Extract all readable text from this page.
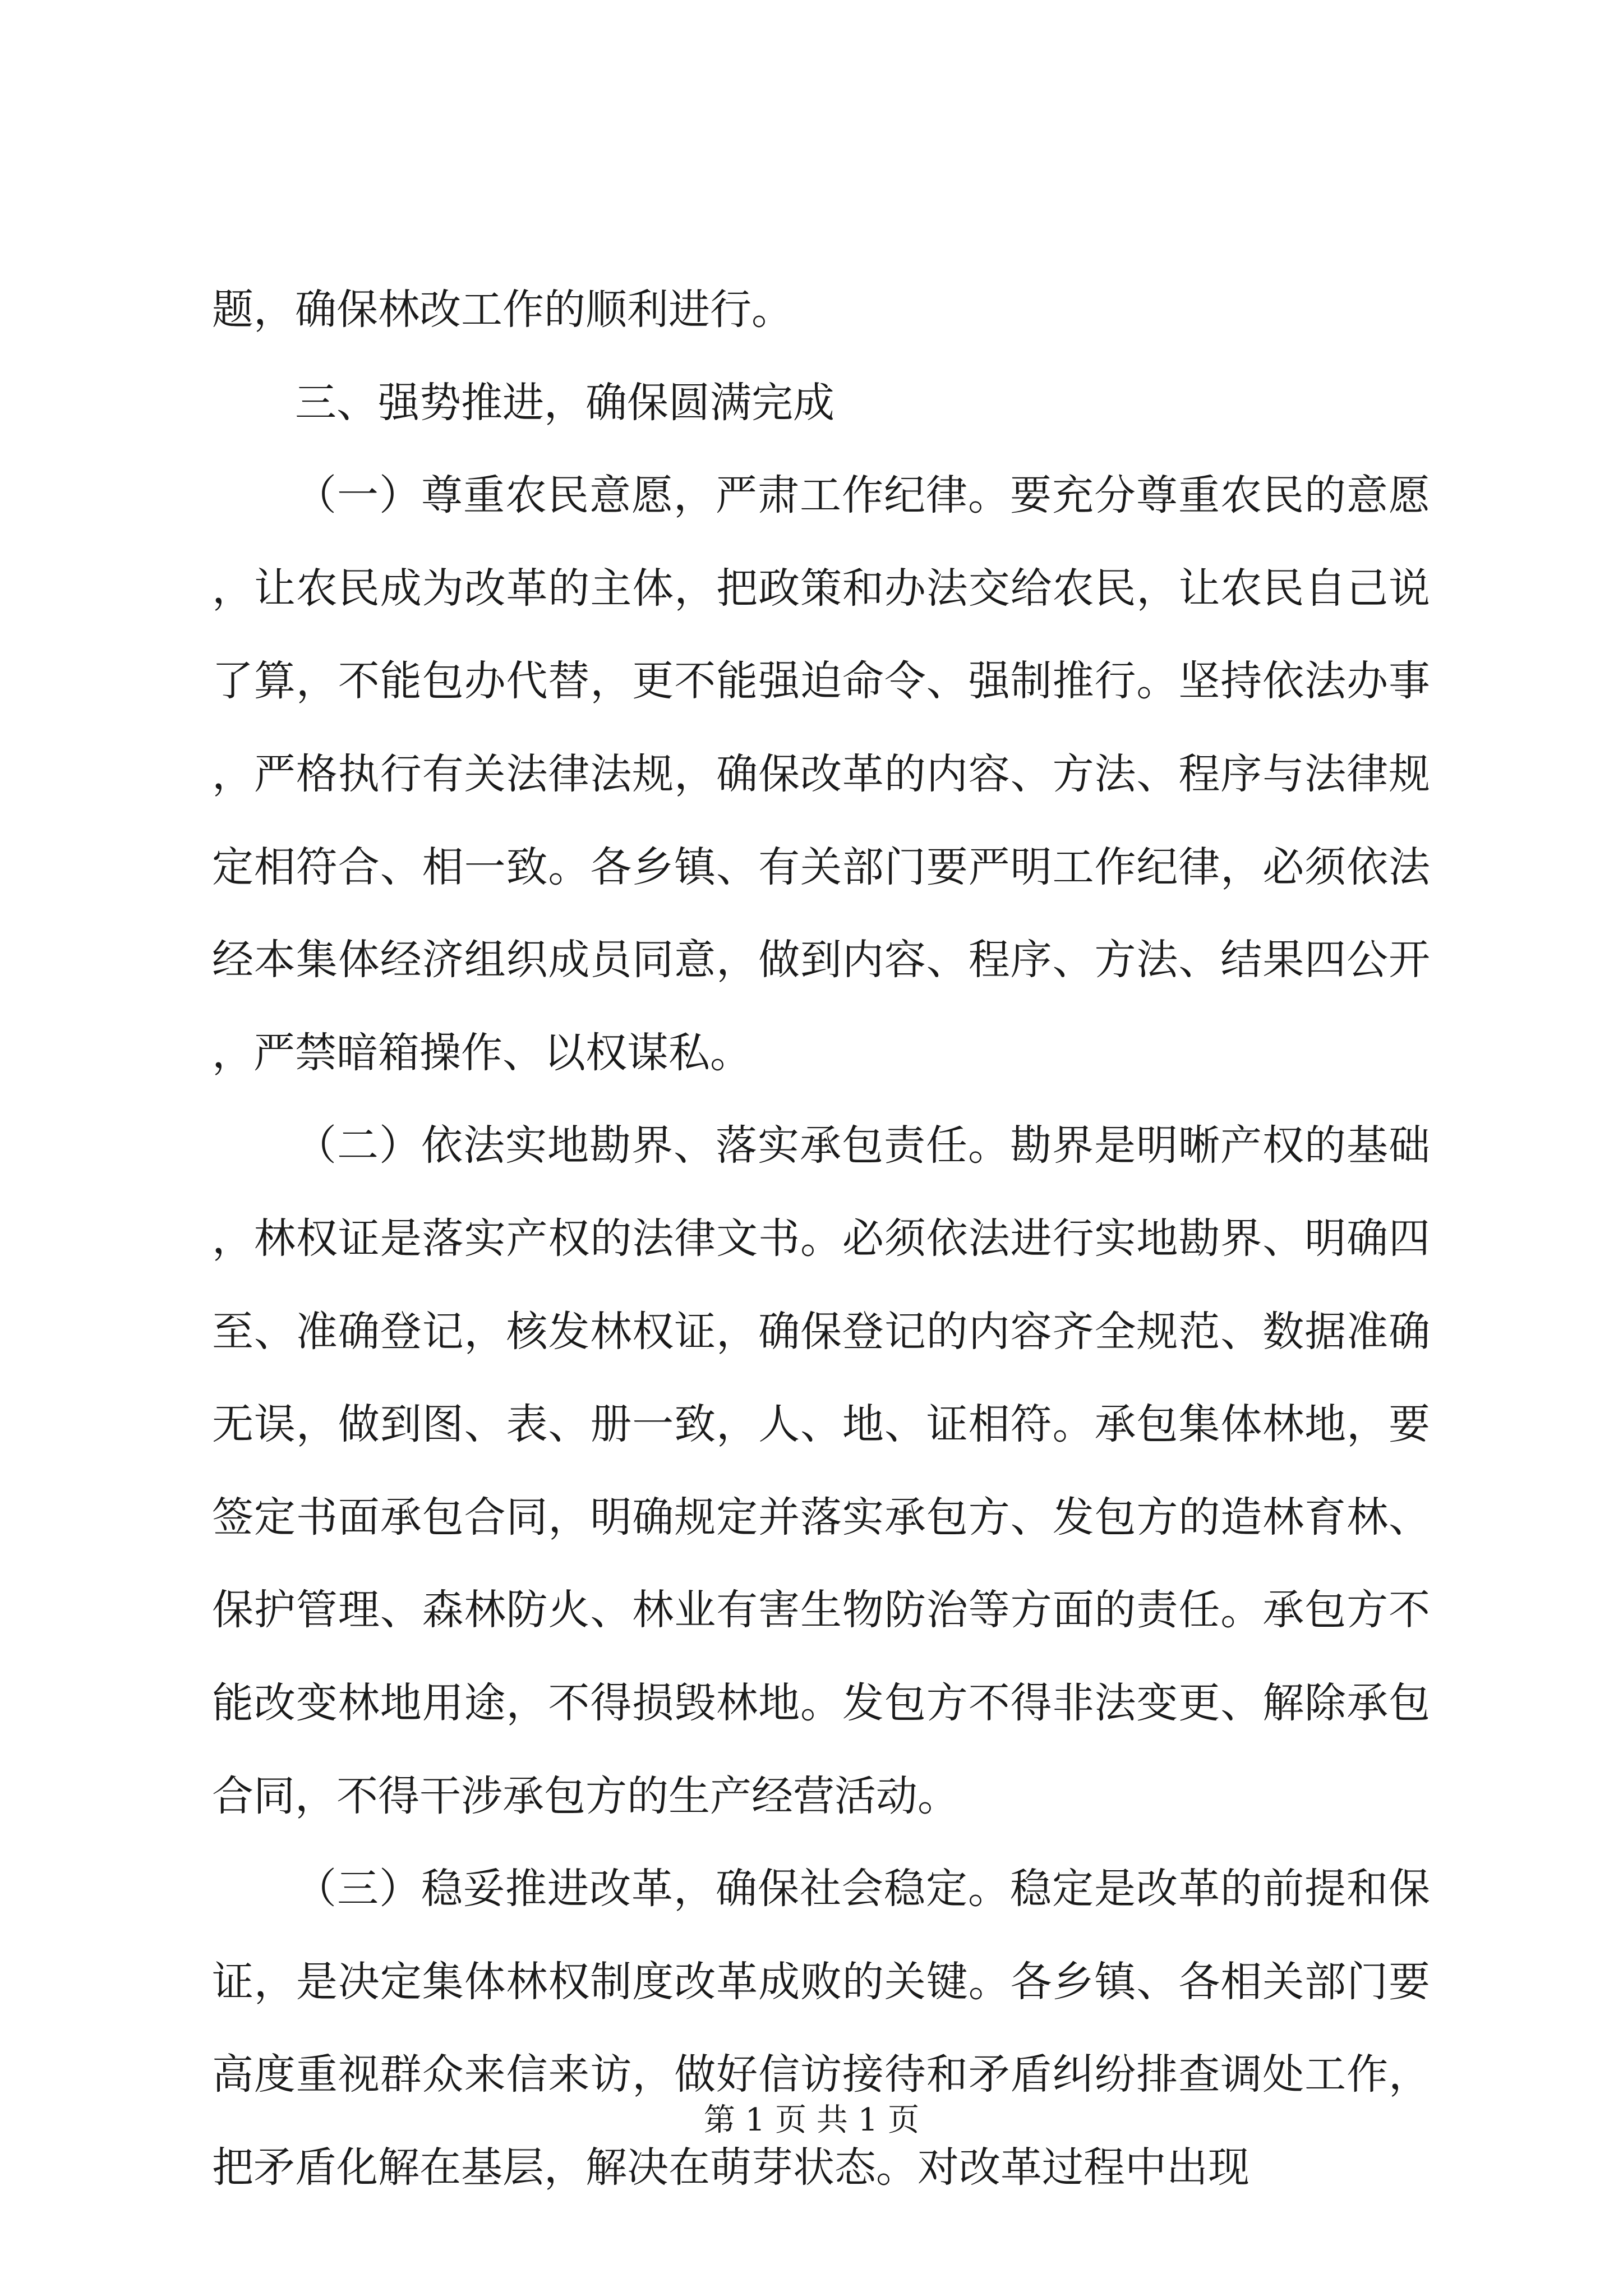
题，确保林改工作的顺利进行。

三、强势推进，确保圆满完成

（一）尊重农民意愿，严肃工作纪律。要充分尊重农民的意愿，让农民成为改革的主体，把政策和办法交给农民，让农民自己说了算，不能包办代替，更不能强迫命令、强制推行。坚持依法办事，严格执行有关法律法规，确保改革的内容、方法、程序与法律规定相符合、相一致。各乡镇、有关部门要严明工作纪律，必须依法经本集体经济组织成员同意，做到内容、程序、方法、结果四公开，严禁暗箱操作、以权谋私。

（二）依法实地勘界、落实承包责任。勘界是明晰产权的基础，林权证是落实产权的法律文书。必须依法进行实地勘界、明确四至、准确登记，核发林权证，确保登记的内容齐全规范、数据准确无误，做到图、表、册一致，人、地、证相符。承包集体林地，要签定书面承包合同，明确规定并落实承包方、发包方的造林育林、保护管理、森林防火、林业有害生物防治等方面的责任。承包方不能改变林地用途，不得损毁林地。发包方不得非法变更、解除承包合同，不得干涉承包方的生产经营活动。

（三）稳妥推进改革，确保社会稳定。稳定是改革的前提和保证，是决定集体林权制度改革成败的关键。各乡镇、各相关部门要高度重视群众来信来访，做好信访接待和矛盾纠纷排查调处工作，把矛盾化解在基层，解决在萌芽状态。对改革过程中出现

第 1 页 共 1 页
